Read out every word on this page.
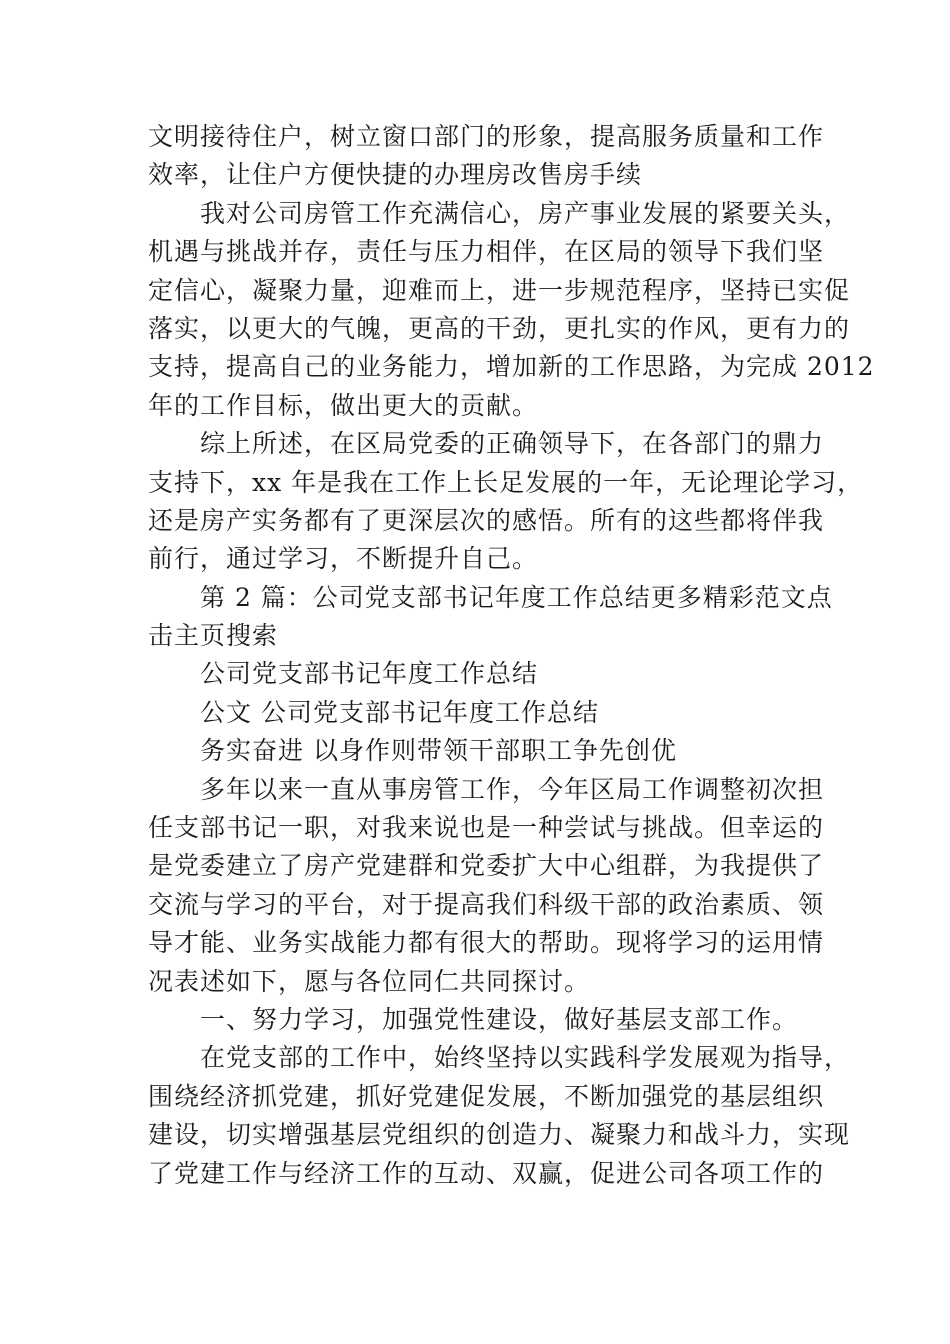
文明接待住户，树立窗口部门的形象，提高服务质量和工作
效率，让住户方便快捷的办理房改售房手续
我对公司房管工作充满信心，房产事业发展的紧要关头，
机遇与挑战并存，责任与压力相伴，在区局的领导下我们坚
定信心，凝聚力量，迎难而上，进一步规范程序，坚持已实促
落实，以更大的气魄，更高的干劲，更扎实的作风，更有力的
支持，提高自己的业务能力，增加新的工作思路，为完成 2012
年的工作目标，做出更大的贡献。
综上所述，在区局党委的正确领导下，在各部门的鼎力
支持下，xx 年是我在工作上长足发展的一年，无论理论学习，
还是房产实务都有了更深层次的感悟。所有的这些都将伴我
前行，通过学习，不断提升自己。
第 2 篇：公司党支部书记年度工作总结更多精彩范文点
击主页搜索
公司党支部书记年度工作总结
公文 公司党支部书记年度工作总结
务实奋进 以身作则带领干部职工争先创优
多年以来一直从事房管工作，今年区局工作调整初次担
任支部书记一职，对我来说也是一种尝试与挑战。但幸运的
是党委建立了房产党建群和党委扩大中心组群，为我提供了
交流与学习的平台，对于提高我们科级干部的政治素质、领
导才能、业务实战能力都有很大的帮助。现将学习的运用情
况表述如下，愿与各位同仁共同探讨。
一、努力学习，加强党性建设，做好基层支部工作。
在党支部的工作中，始终坚持以实践科学发展观为指导，
围绕经济抓党建，抓好党建促发展，不断加强党的基层组织
建设，切实增强基层党组织的创造力、凝聚力和战斗力，实现
了党建工作与经济工作的互动、双赢，促进公司各项工作的
